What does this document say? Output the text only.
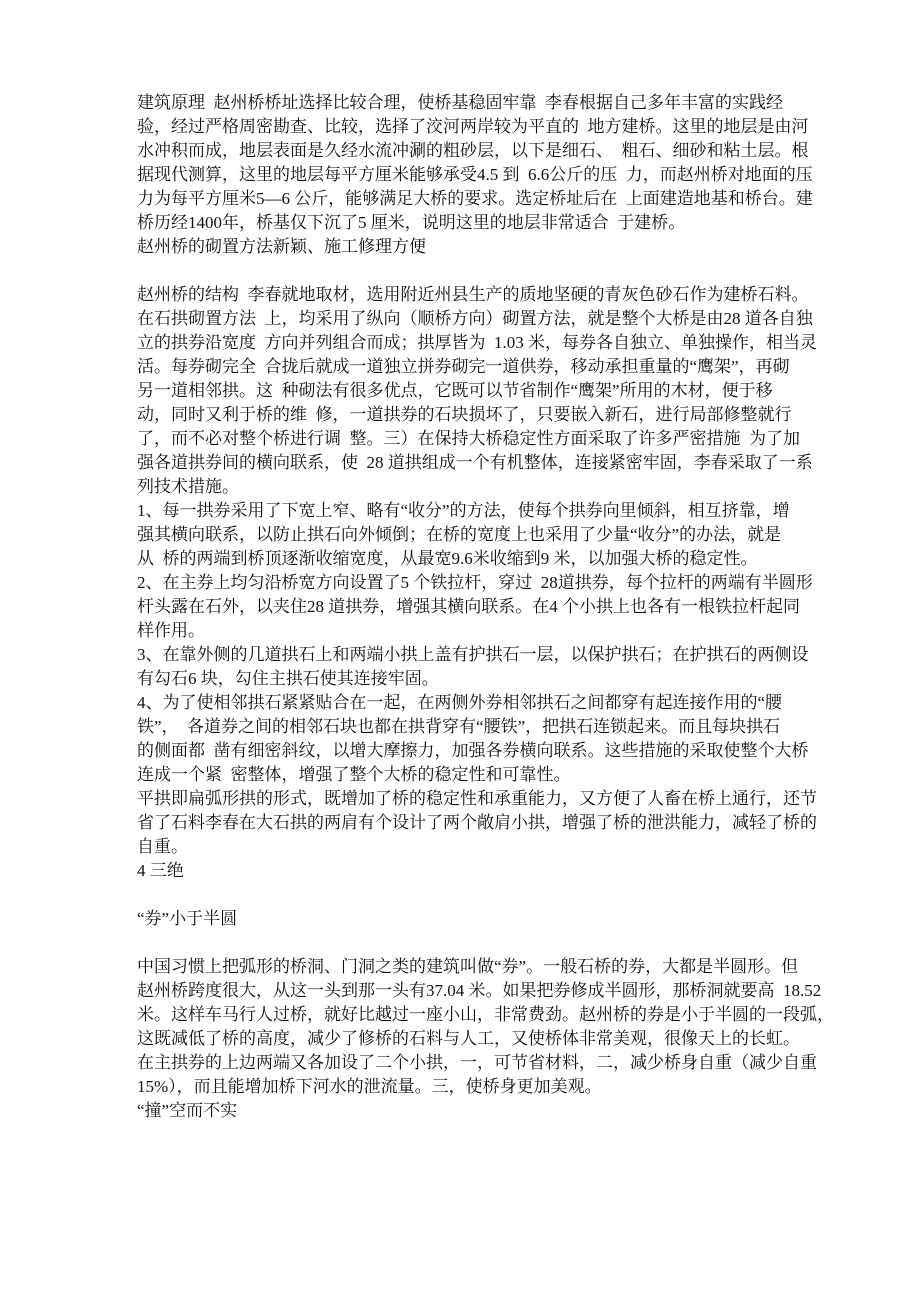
建筑原理  赵州桥桥址选择比较合理，使桥基稳固牢靠  李春根据自己多年丰富的实践经
验，经过严格周密勘查、比较，选择了洨河两岸较为平直的  地方建桥。这里的地层是由河
水冲积而成，地层表面是久经水流冲涮的粗砂层，以下是细石、  粗石、细砂和粘土层。根
据现代测算，这里的地层每平方厘米能够承受4.5 到  6.6公斤的压  力，而赵州桥对地面的压
力为每平方厘米5—6 公斤，能够满足大桥的要求。选定桥址后在  上面建造地基和桥台。建
桥历经1400年，桥基仅下沉了5 厘米，说明这里的地层非常适合  于建桥。
赵州桥的砌置方法新颖、施工修理方便
赵州桥的结构  李春就地取材，选用附近州县生产的质地坚硬的青灰色砂石作为建桥石料。
在石拱砌置方法  上，均采用了纵向（顺桥方向）砌置方法，就是整个大桥是由28 道各自独
立的拱券沿宽度  方向并列组合而成；拱厚皆为  1.03 米，每券各自独立、单独操作，相当灵
活。每券砌完全  合拢后就成一道独立拼券砌完一道供券，移动承担重量的“鹰架”，再砌
另一道相邻拱。这  种砌法有很多优点，它既可以节省制作“鹰架”所用的木材，便于移
动，同时又利于桥的维  修，一道拱券的石块损坏了，只要嵌入新石，进行局部修整就行
了，而不必对整个桥进行调  整。三）在保持大桥稳定性方面采取了许多严密措施  为了加
强各道拱券间的横向联系，使  28 道拱组成一个有机整体，连接紧密牢固，李春采取了一系
列技术措施。
1、每一拱券采用了下宽上窄、略有“收分”的方法，使每个拱券向里倾斜，相互挤靠，增
强其横向联系，以防止拱石向外倾倒；在桥的宽度上也采用了少量“收分”的办法，就是
从  桥的两端到桥顶逐渐收缩宽度，从最宽9.6米收缩到9 米，以加强大桥的稳定性。
2、在主券上均匀沿桥宽方向设置了5 个铁拉杆，穿过  28道拱券，每个拉杆的两端有半圆形
杆头露在石外，以夹住28 道拱券，增强其横向联系。在4 个小拱上也各有一根铁拉杆起同
样作用。
3、在靠外侧的几道拱石上和两端小拱上盖有护拱石一层，以保护拱石；在护拱石的两侧设
有勾石6 块，勾住主拱石使其连接牢固。
4、为了使相邻拱石紧紧贴合在一起，在两侧外券相邻拱石之间都穿有起连接作用的“腰
铁”，  各道券之间的相邻石块也都在拱背穿有“腰铁”，把拱石连锁起来。而且每块拱石
的侧面都  凿有细密斜纹，以增大摩擦力，加强各券横向联系。这些措施的采取使整个大桥
连成一个紧  密整体，增强了整个大桥的稳定性和可靠性。
平拱即扁弧形拱的形式，既增加了桥的稳定性和承重能力，又方便了人畜在桥上通行，还节
省了石料李春在大石拱的两肩有个设计了两个敞肩小拱，增强了桥的泄洪能力，减轻了桥的
自重。
4 三绝
“券”小于半圆
中国习惯上把弧形的桥洞、门洞之类的建筑叫做“券”。一般石桥的券，大都是半圆形。但
赵州桥跨度很大，从这一头到那一头有37.04 米。如果把券修成半圆形，那桥洞就要高  18.52
米。这样车马行人过桥，就好比越过一座小山，非常费劲。赵州桥的券是小于半圆的一段弧，
这既减低了桥的高度，减少了修桥的石料与人工，又使桥体非常美观，很像天上的长虹。
在主拱券的上边两端又各加设了二个小拱，一，可节省材料，二，减少桥身自重（减少自重
15%），而且能增加桥下河水的泄流量。三，使桥身更加美观。
“撞”空而不实
